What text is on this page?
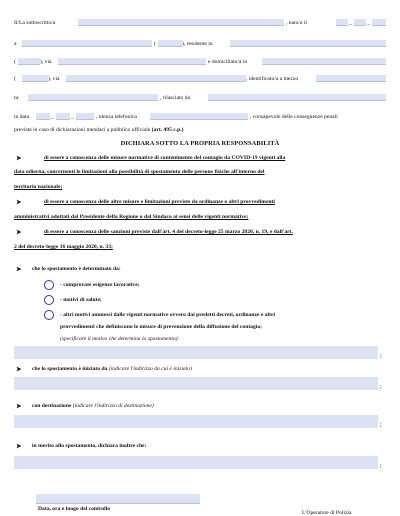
Il/La sottoscritto/a	, nato/a il	_	_
a	(	), residente in
(	), via	e domiciliato/a in
(	), via	, identificato/a a mezzo
nr.	, rilasciato da
in data	_	_	, utenza telefonica	, consapevole delle conseguenze penali
previste in caso di dichiarazioni mendaci a pubblico ufficiale (art. 495 c.p.)
DICHIARA SOTTO LA PROPRIA RESPONSABILITÀ
➤	di essere a conoscenza delle misure normative di contenimento del contagio da COVID-19 vigenti alla
data odierna, concernenti le limitazioni alla possibilità di spostamento delle persone fisiche all'interno del
territorio nazionale;
➤	di essere a conoscenza delle altre misure e limitazioni previste da ordinanze o altri provvedimenti
amministrativi adottati dal Presidente della Regione o dal Sindaco ai sensi delle vigenti normative;
➤	di essere a conoscenza delle sanzioni previste dall'art. 4 del decreto-legge 25 marzo 2020, n. 19, e dall'art.
2 del decreto-legge 16 maggio 2020, n. 33;
➤ che lo spostamento è determinato da:
- comprovate esigenze lavorative;
- motivi di salute;
- altri motivi ammessi dalle vigenti normative ovvero dai predetti decreti, ordinanze e altri
provvedimenti che definiscono le misure di prevenzione della diffusione del contagio;
(specificare il motivo che determina lo spostamento):
;
➤ che lo spostamento è iniziato da (indicare l'indirizzo da cui è iniziato)
;
➤ con destinazione (indicare l'indirizzo di destinazione)
;
➤ in merito allo spostamento, dichiara inoltre che:
;
Data, ora e luogo del controllo
L'Operatore di Polizia
